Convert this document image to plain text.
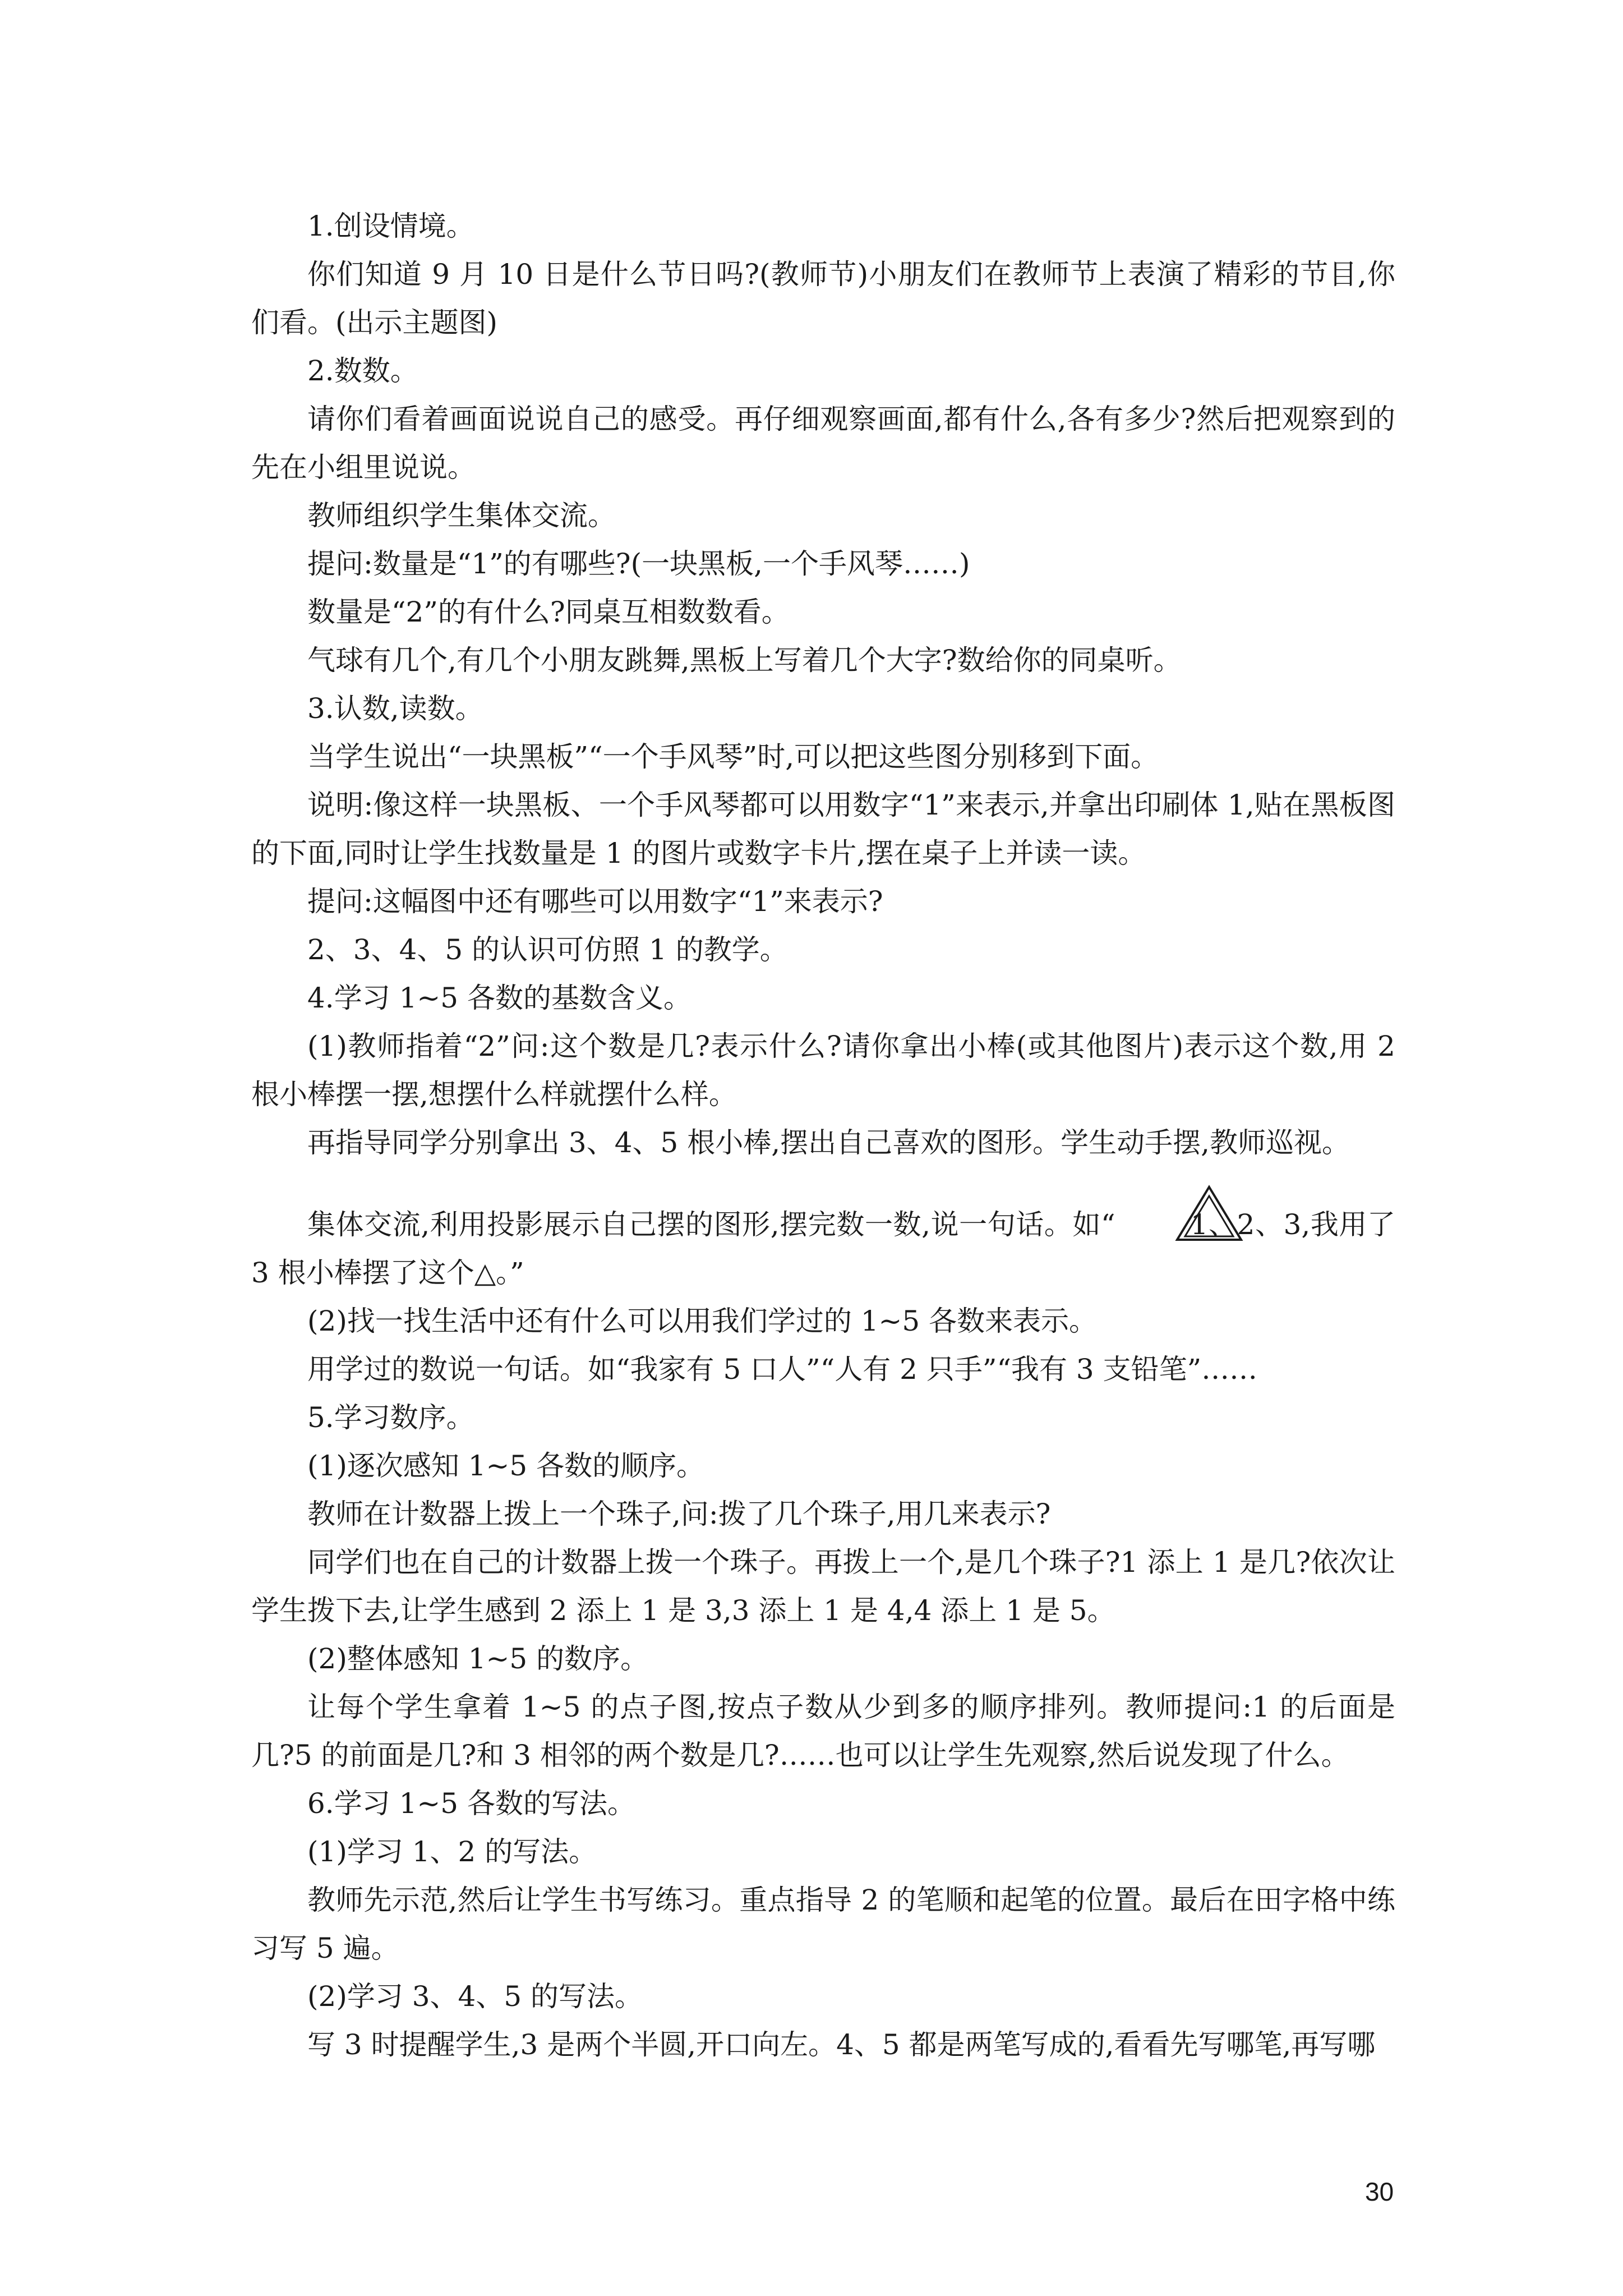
1.创设情境。

你们知道 9 月 10 日是什么节日吗?(教师节)小朋友们在教师节上表演了精彩的节目,你们看。(出示主题图)

2.数数。

请你们看着画面说说自己的感受。再仔细观察画面,都有什么,各有多少?然后把观察到的先在小组里说说。

教师组织学生集体交流。

提问:数量是“1”的有哪些?(一块黑板,一个手风琴……)

数量是“2”的有什么?同桌互相数数看。

气球有几个,有几个小朋友跳舞,黑板上写着几个大字?数给你的同桌听。

3.认数,读数。

当学生说出“一块黑板”“一个手风琴”时,可以把这些图分别移到下面。

说明:像这样一块黑板、一个手风琴都可以用数字“1”来表示,并拿出印刷体 1,贴在黑板图的下面,同时让学生找数量是 1 的图片或数字卡片,摆在桌子上并读一读。

提问:这幅图中还有哪些可以用数字“1”来表示?

2、3、4、5 的认识可仿照 1 的教学。

4.学习 1~5 各数的基数含义。

(1)教师指着“2”问:这个数是几?表示什么?请你拿出小棒(或其他图片)表示这个数,用 2 根小棒摆一摆,想摆什么样就摆什么样。

再指导同学分别拿出 3、4、5 根小棒,摆出自己喜欢的图形。学生动手摆,教师巡视。

集体交流,利用投影展示自己摆的图形,摆完数一数,说一句话。如“	1、2、3,我用了 3 根小棒摆了这个△。”

(2)找一找生活中还有什么可以用我们学过的 1~5 各数来表示。

用学过的数说一句话。如“我家有 5 口人”“人有 2 只手”“我有 3 支铅笔”……

5.学习数序。

(1)逐次感知 1~5 各数的顺序。

教师在计数器上拨上一个珠子,问:拨了几个珠子,用几来表示?

同学们也在自己的计数器上拨一个珠子。再拨上一个,是几个珠子?1 添上 1 是几?依次让学生拨下去,让学生感到 2 添上 1 是 3,3 添上 1 是 4,4 添上 1 是 5。

(2)整体感知 1~5 的数序。

让每个学生拿着 1~5 的点子图,按点子数从少到多的顺序排列。教师提问:1 的后面是几?5 的前面是几?和 3 相邻的两个数是几?……也可以让学生先观察,然后说发现了什么。

6.学习 1~5 各数的写法。

(1)学习 1、2 的写法。

教师先示范,然后让学生书写练习。重点指导 2 的笔顺和起笔的位置。最后在田字格中练习写 5 遍。

(2)学习 3、4、5 的写法。

写 3 时提醒学生,3 是两个半圆,开口向左。4、5 都是两笔写成的,看看先写哪笔,再写哪

30
